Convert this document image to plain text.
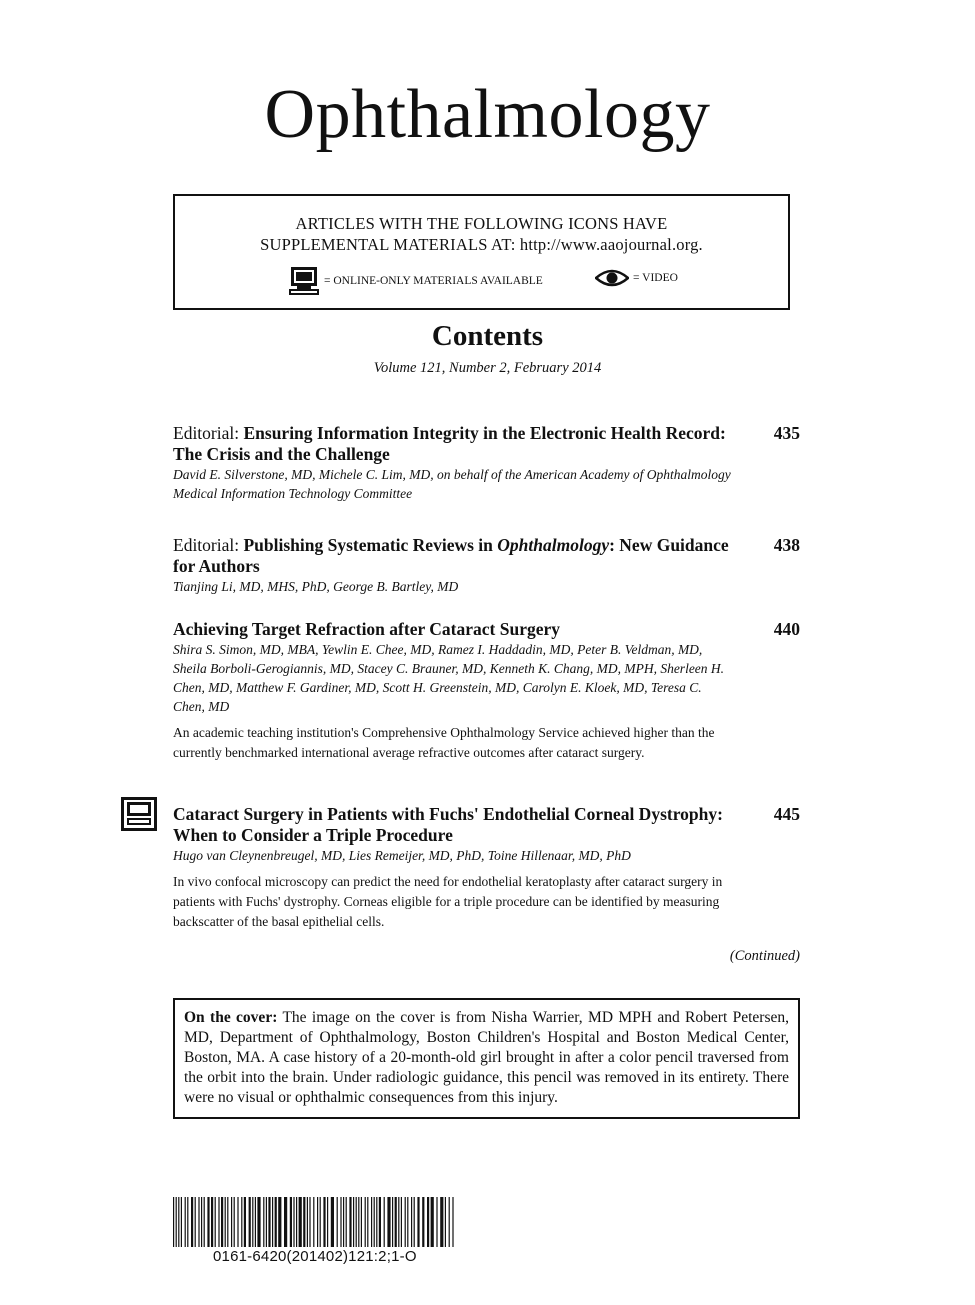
Ophthalmology
ARTICLES WITH THE FOLLOWING ICONS HAVE
SUPPLEMENTAL MATERIALS AT: http://www.aaojournal.org.
= ONLINE-ONLY MATERIALS AVAILABLE	= VIDEO
Contents
Volume 121, Number 2, February 2014
Editorial: Ensuring Information Integrity in the Electronic Health Record: The Crisis and the Challenge
435
David E. Silverstone, MD, Michele C. Lim, MD, on behalf of the American Academy of Ophthalmology Medical Information Technology Committee
Editorial: Publishing Systematic Reviews in Ophthalmology: New Guidance for Authors
438
Tianjing Li, MD, MHS, PhD, George B. Bartley, MD
Achieving Target Refraction after Cataract Surgery	440
Shira S. Simon, MD, MBA, Yewlin E. Chee, MD, Ramez I. Haddadin, MD, Peter B. Veldman, MD, Sheila Borboli-Gerogiannis, MD, Stacey C. Brauner, MD, Kenneth K. Chang, MD, MPH, Sherleen H. Chen, MD, Matthew F. Gardiner, MD, Scott H. Greenstein, MD, Carolyn E. Kloek, MD, Teresa C. Chen, MD
An academic teaching institution's Comprehensive Ophthalmology Service achieved higher than the currently benchmarked international average refractive outcomes after cataract surgery.
Cataract Surgery in Patients with Fuchs' Endothelial Corneal Dystrophy: When to Consider a Triple Procedure
445
Hugo van Cleynenbreugel, MD, Lies Remeijer, MD, PhD, Toine Hillenaar, MD, PhD
In vivo confocal microscopy can predict the need for endothelial keratoplasty after cataract surgery in patients with Fuchs' dystrophy. Corneas eligible for a triple procedure can be identified by measuring backscatter of the basal epithelial cells.
(Continued)
On the cover: The image on the cover is from Nisha Warrier, MD MPH and Robert Petersen, MD, Department of Ophthalmology, Boston Children's Hospital and Boston Medical Center, Boston, MA. A case history of a 20-month-old girl brought in after a color pencil traversed from the orbit into the brain. Under radiologic guidance, this pencil was removed in its entirety. There were no visual or ophthalmic consequences from this injury.
0161-6420(201402)121:2;1-O
